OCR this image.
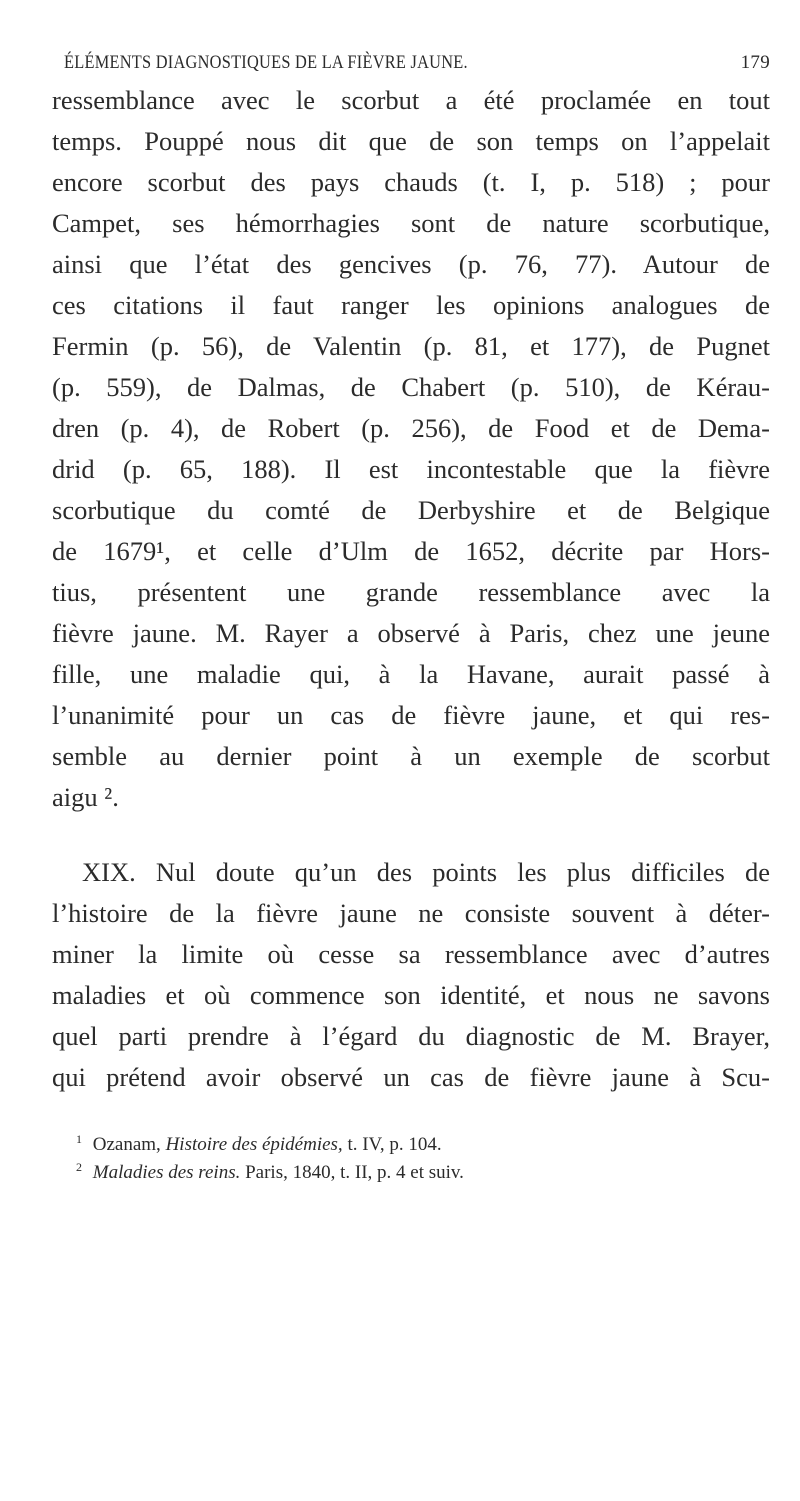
ÉLÉMENTS DIAGNOSTIQUES DE LA FIÈVRE JAUNE.	179
ressemblance avec le scorbut a été proclamée en tout
temps. Pouppé nous dit que de son temps on l’appelait
encore scorbut des pays chauds (t. I, p. 518) ; pour
Campet, ses hémorrhagies sont de nature scorbutique,
ainsi que l’état des gencives (p. 76, 77). Autour de
ces citations il faut ranger les opinions analogues de
Fermin (p. 56), de Valentin (p. 81, et 177), de Pugnet
(p. 559), de Dalmas, de Chabert (p. 510), de Kérau-
dren (p. 4), de Robert (p. 256), de Food et de Dema-
drid (p. 65, 188). Il est incontestable que la fièvre
scorbutique du comté de Derbyshire et de Belgique
de 1679¹, et celle d’Ulm de 1652, décrite par Hors-
tius, présentent une grande ressemblance avec la
fièvre jaune. M. Rayer a observé à Paris, chez une jeune
fille, une maladie qui, à la Havane, aurait passé à
l’unanimité pour un cas de fièvre jaune, et qui res-
semble au dernier point à un exemple de scorbut
aigu ².
XIX. Nul doute qu’un des points les plus difficiles de
l’histoire de la fièvre jaune ne consiste souvent à déter-
miner la limite où cesse sa ressemblance avec d’autres
maladies et où commence son identité, et nous ne savons
quel parti prendre à l’égard du diagnostic de M. Brayer,
qui prétend avoir observé un cas de fièvre jaune à Scu-
1 Ozanam, Histoire des épidémies, t. IV, p. 104.
2 Maladies des reins. Paris, 1840, t. II, p. 4 et suiv.
